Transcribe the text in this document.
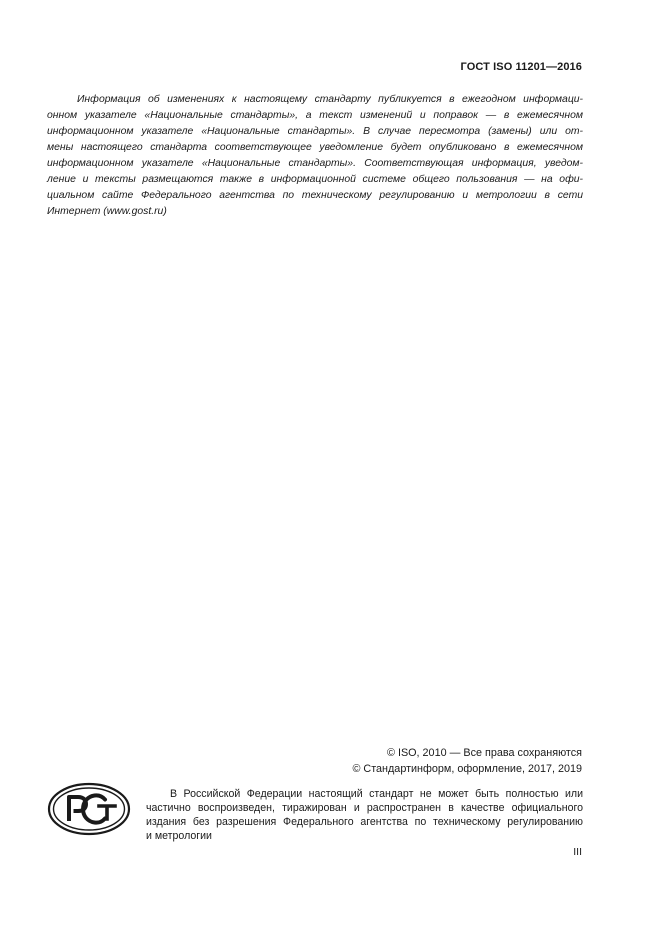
ГОСТ ISO 11201—2016
Информация об изменениях к настоящему стандарту публикуется в ежегодном информаци-
онном указателе «Национальные стандарты», а текст изменений и поправок — в ежемесячном
информационном указателе «Национальные стандарты». В случае пересмотра (замены) или от-
мены настоящего стандарта соответствующее уведомление будет опубликовано в ежемесячном
информационном указателе «Национальные стандарты». Соответствующая информация, уведом-
ление и тексты размещаются также в информационной системе общего пользования — на офи-
циальном сайте Федерального агентства по техническому регулированию и метрологии в сети
Интернет (www.gost.ru)
© ISO, 2010 — Все права сохраняются
© Стандартинформ, оформление, 2017, 2019
В Российской Федерации настоящий стандарт не может быть полностью или
частично воспроизведен, тиражирован и распространен в качестве официального
издания без разрешения Федерального агентства по техническому регулированию
и метрологии
III
